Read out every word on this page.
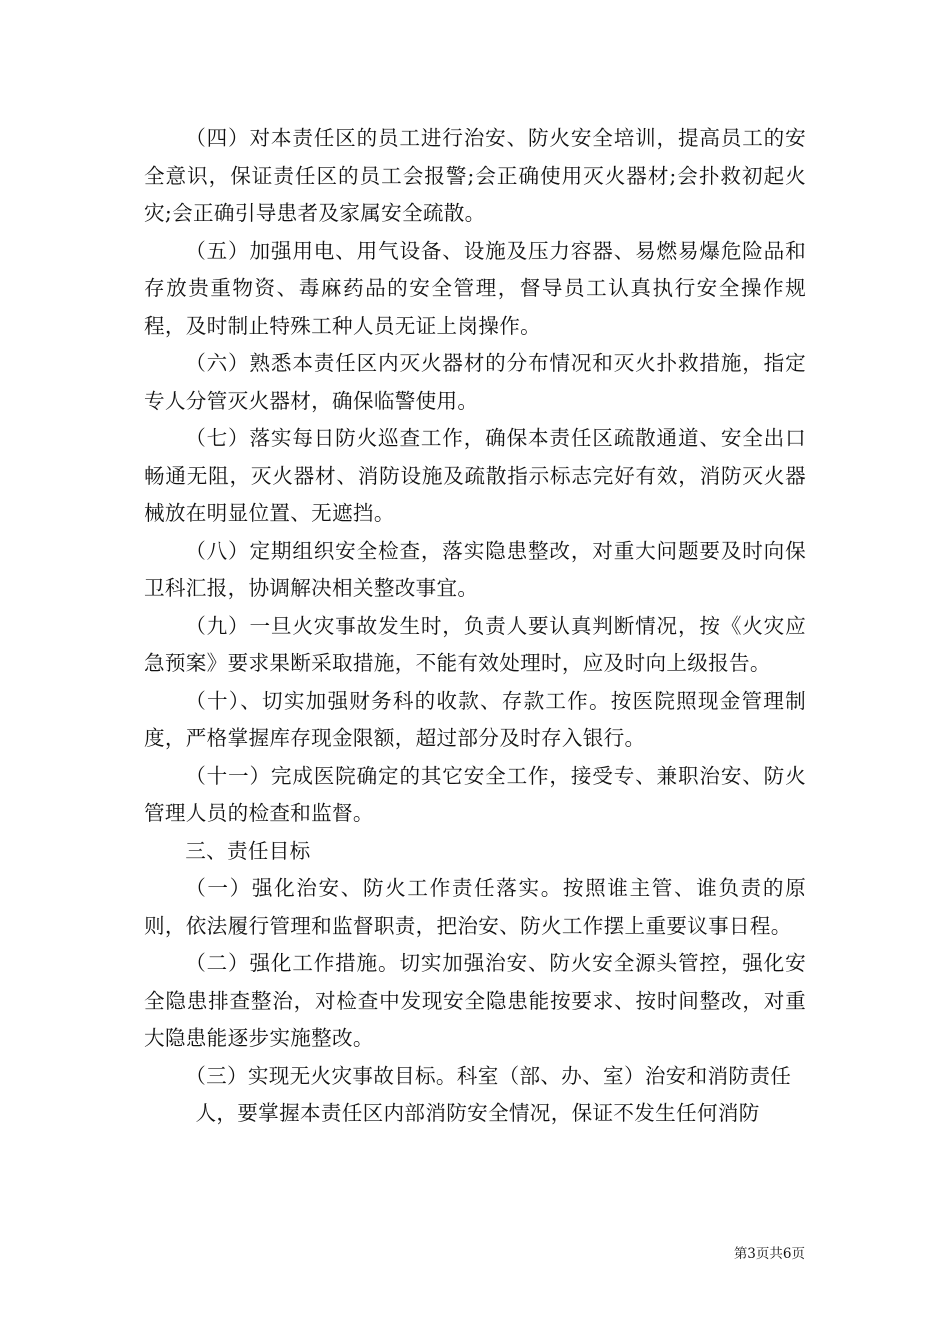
（四）对本责任区的员工进行治安、防火安全培训，提高员工的安全意识，保证责任区的员工会报警;会正确使用灭火器材;会扑救初起火灾;会正确引导患者及家属安全疏散。

（五）加强用电、用气设备、设施及压力容器、易燃易爆危险品和存放贵重物资、毒麻药品的安全管理，督导员工认真执行安全操作规程，及时制止特殊工种人员无证上岗操作。

（六）熟悉本责任区内灭火器材的分布情况和灭火扑救措施，指定专人分管灭火器材，确保临警使用。

（七）落实每日防火巡查工作，确保本责任区疏散通道、安全出口畅通无阻，灭火器材、消防设施及疏散指示标志完好有效，消防灭火器械放在明显位置、无遮挡。

（八）定期组织安全检查，落实隐患整改，对重大问题要及时向保卫科汇报，协调解决相关整改事宜。

（九）一旦火灾事故发生时，负责人要认真判断情况，按《火灾应急预案》要求果断采取措施，不能有效处理时，应及时向上级报告。

（十）、切实加强财务科的收款、存款工作。按医院照现金管理制度，严格掌握库存现金限额，超过部分及时存入银行。

（十一）完成医院确定的其它安全工作，接受专、兼职治安、防火管理人员的检查和监督。

三、责任目标

（一）强化治安、防火工作责任落实。按照谁主管、谁负责的原则，依法履行管理和监督职责，把治安、防火工作摆上重要议事日程。

（二）强化工作措施。切实加强治安、防火安全源头管控，强化安全隐患排查整治，对检查中发现安全隐患能按要求、按时间整改，对重大隐患能逐步实施整改。

（三）实现无火灾事故目标。科室（部、办、室）治安和消防责任

人，要掌握本责任区内部消防安全情况，保证不发生任何消防

第3页共6页
